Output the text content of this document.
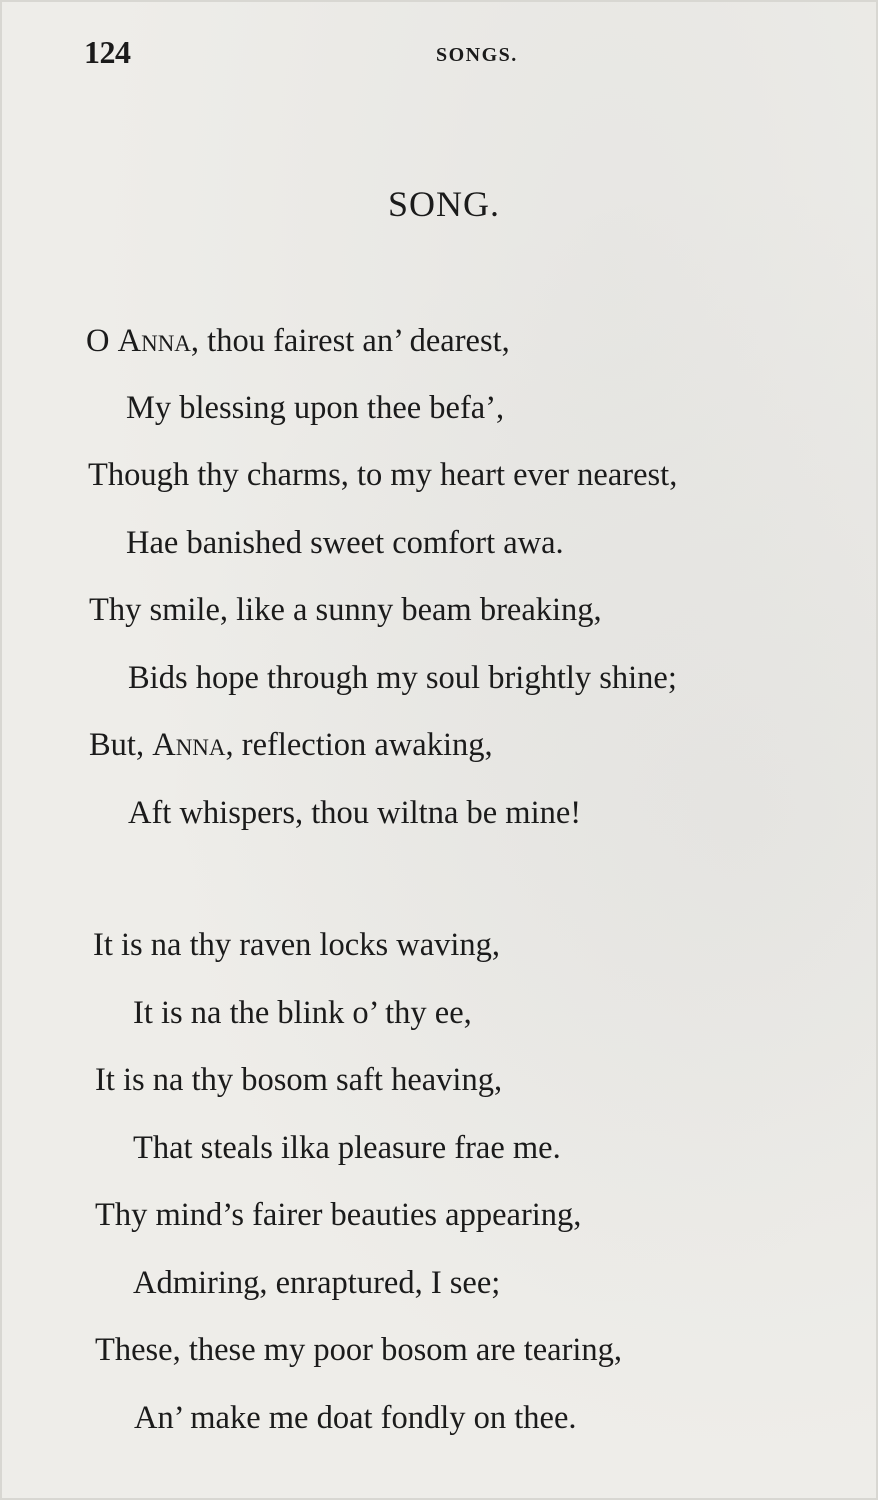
124	SONGS.
SONG.
O Anna, thou fairest an’ dearest,
My blessing upon thee befa’,
Though thy charms, to my heart ever nearest,
Hae banished sweet comfort awa.
Thy smile, like a sunny beam breaking,
Bids hope through my soul brightly shine;
But, Anna, reflection awaking,
Aft whispers, thou wiltna be mine!
It is na thy raven locks waving,
It is na the blink o’ thy ee,
It is na thy bosom saft heaving,
That steals ilka pleasure frae me.
Thy mind’s fairer beauties appearing,
Admiring, enraptured, I see;
These, these my poor bosom are tearing,
An’ make me doat fondly on thee.
